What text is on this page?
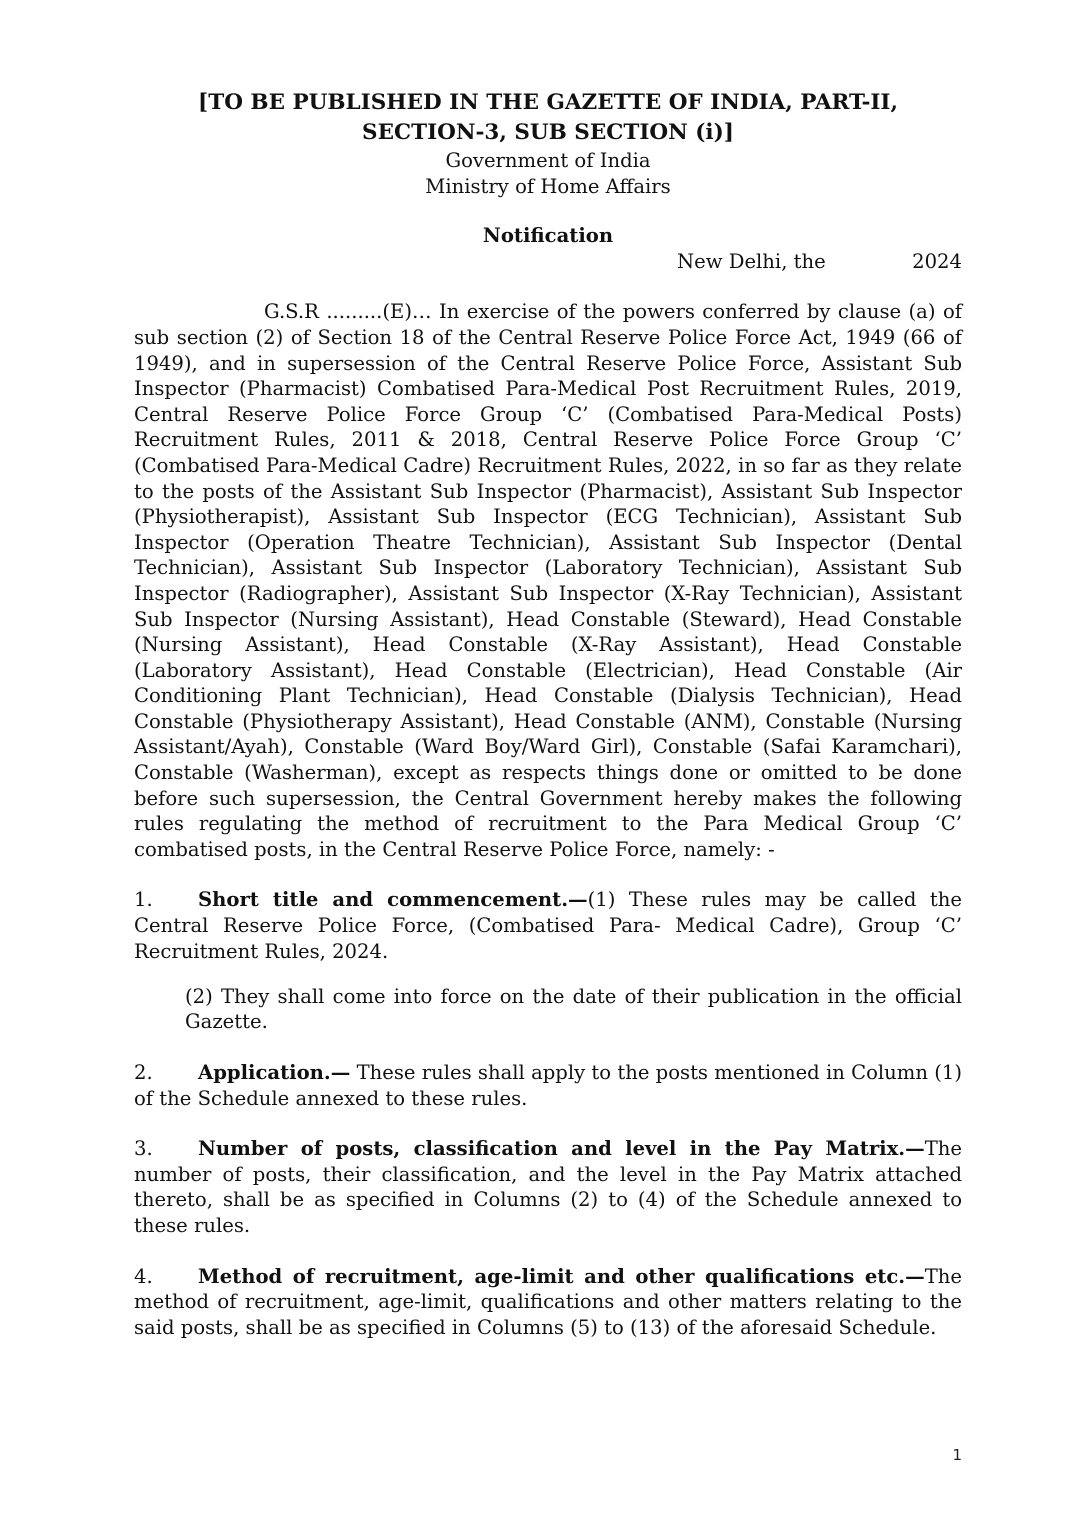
[TO BE PUBLISHED IN THE GAZETTE OF INDIA, PART-II,

SECTION-3, SUB SECTION (i)]

Government of India

Ministry of Home Affairs

Notification

New Delhi, the	2024

G.S.R .........(E)… In exercise of the powers conferred by clause (a) of sub section (2) of Section 18 of the Central Reserve Police Force Act, 1949 (66 of 1949), and in supersession of the Central Reserve Police Force, Assistant Sub Inspector (Pharmacist) Combatised Para-Medical Post Recruitment Rules, 2019, Central Reserve Police Force Group ‘C’ (Combatised Para-Medical Posts) Recruitment Rules, 2011 & 2018, Central Reserve Police Force Group ‘C’ (Combatised Para-Medical Cadre) Recruitment Rules, 2022, in so far as they relate to the posts of the Assistant Sub Inspector (Pharmacist), Assistant Sub Inspector (Physiotherapist), Assistant Sub Inspector (ECG Technician), Assistant Sub Inspector (Operation Theatre Technician), Assistant Sub Inspector (Dental Technician), Assistant Sub Inspector (Laboratory Technician), Assistant Sub Inspector (Radiographer), Assistant Sub Inspector (X-Ray Technician), Assistant Sub Inspector (Nursing Assistant), Head Constable (Steward), Head Constable (Nursing Assistant), Head Constable (X-Ray Assistant), Head Constable (Laboratory Assistant), Head Constable (Electrician), Head Constable (Air Conditioning Plant Technician), Head Constable (Dialysis Technician), Head Constable (Physiotherapy Assistant), Head Constable (ANM), Constable (Nursing Assistant/Ayah), Constable (Ward Boy/Ward Girl), Constable (Safai Karamchari), Constable (Washerman), except as respects things done or omitted to be done before such supersession, the Central Government hereby makes the following rules regulating the method of recruitment to the Para Medical Group ‘C’ combatised posts, in the Central Reserve Police Force, namely: -

1. Short title and commencement.—(1) These rules may be called the Central Reserve Police Force, (Combatised Para- Medical Cadre), Group ‘C’ Recruitment Rules, 2024.

(2) They shall come into force on the date of their publication in the official Gazette.

2. Application.— These rules shall apply to the posts mentioned in Column (1) of the Schedule annexed to these rules.

3. Number of posts, classification and level in the Pay Matrix.—The number of posts, their classification, and the level in the Pay Matrix attached thereto, shall be as specified in Columns (2) to (4) of the Schedule annexed to these rules.

4. Method of recruitment, age-limit and other qualifications etc.—The method of recruitment, age-limit, qualifications and other matters relating to the said posts, shall be as specified in Columns (5) to (13) of the aforesaid Schedule.

1
